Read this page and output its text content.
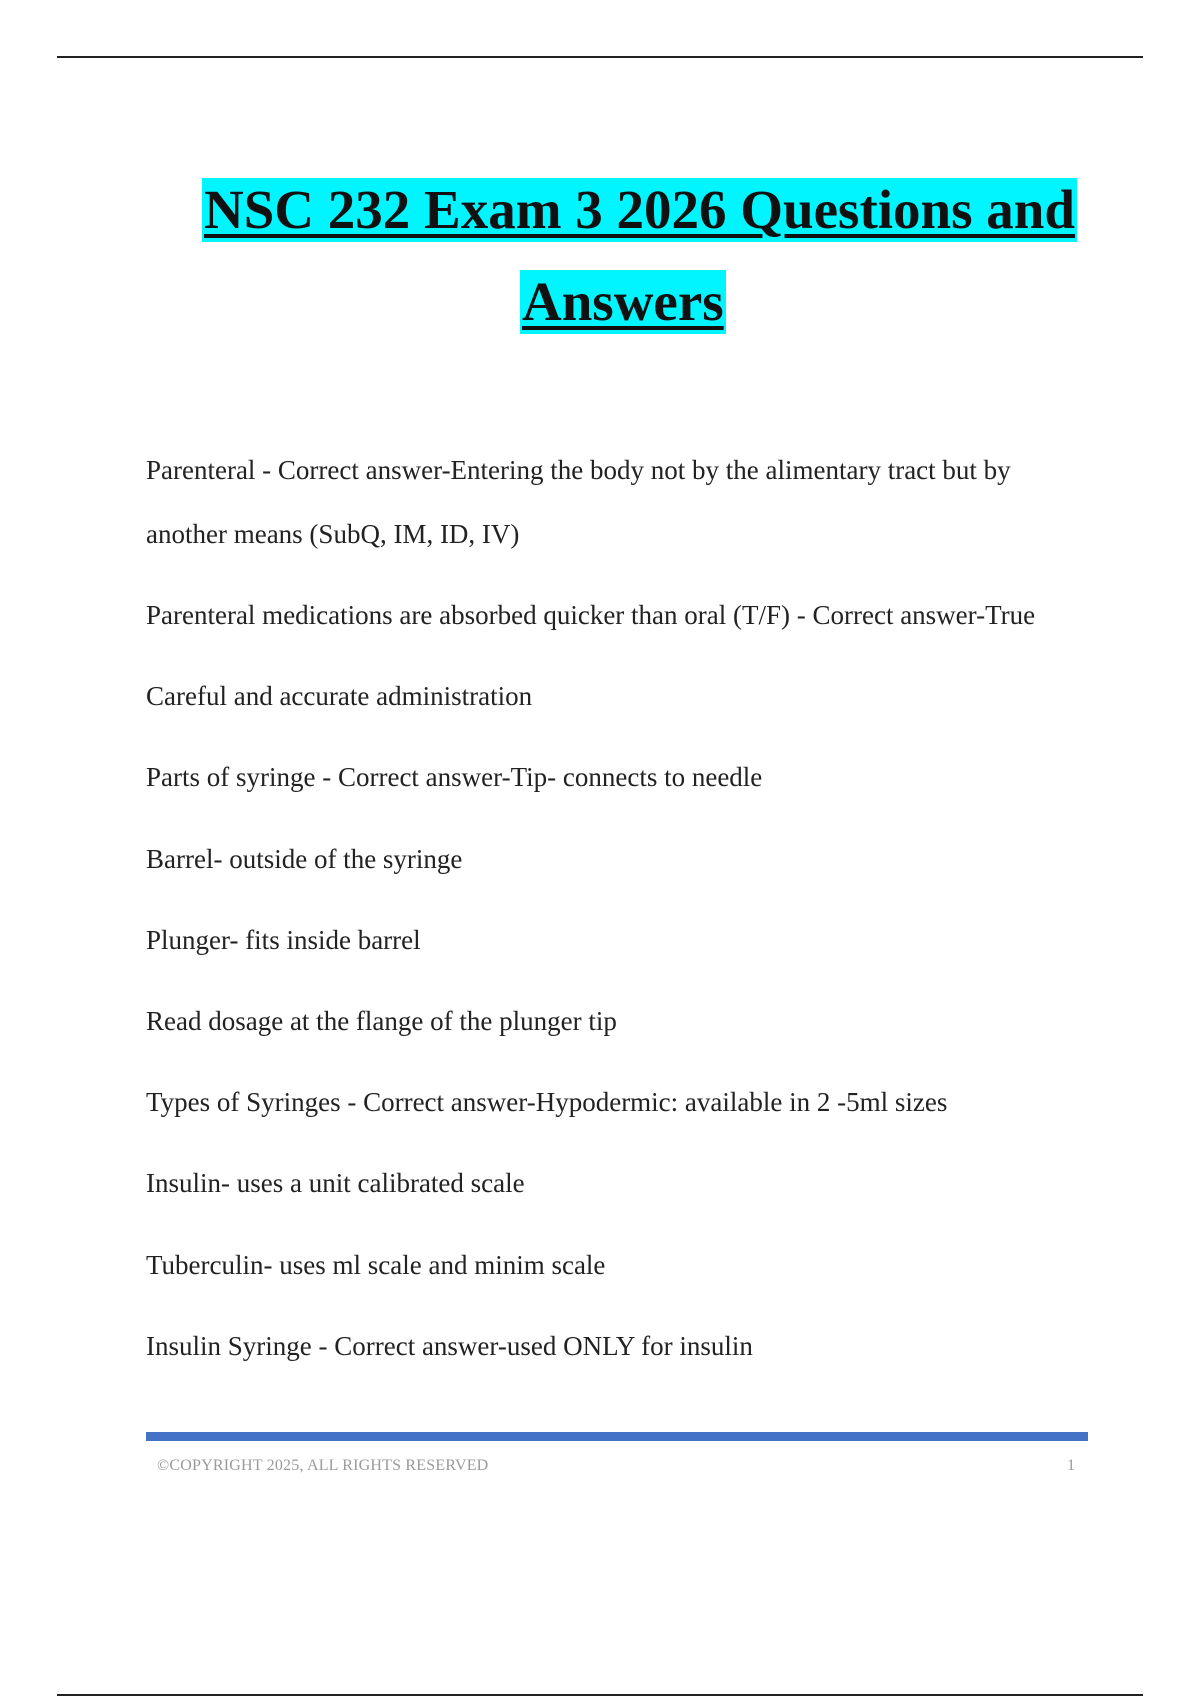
NSC 232 Exam 3 2026 Questions and
Answers
Parenteral - Correct answer-Entering the body not by the alimentary tract but by
another means (SubQ, IM, ID, IV)
Parenteral medications are absorbed quicker than oral (T/F) - Correct answer-True
Careful and accurate administration
Parts of syringe - Correct answer-Tip- connects to needle
Barrel- outside of the syringe
Plunger- fits inside barrel
Read dosage at the flange of the plunger tip
Types of Syringes - Correct answer-Hypodermic: available in 2 -5ml sizes
Insulin- uses a unit calibrated scale
Tuberculin- uses ml scale and minim scale
Insulin Syringe - Correct answer-used ONLY for insulin
©COPYRIGHT 2025, ALL RIGHTS RESERVED	1
